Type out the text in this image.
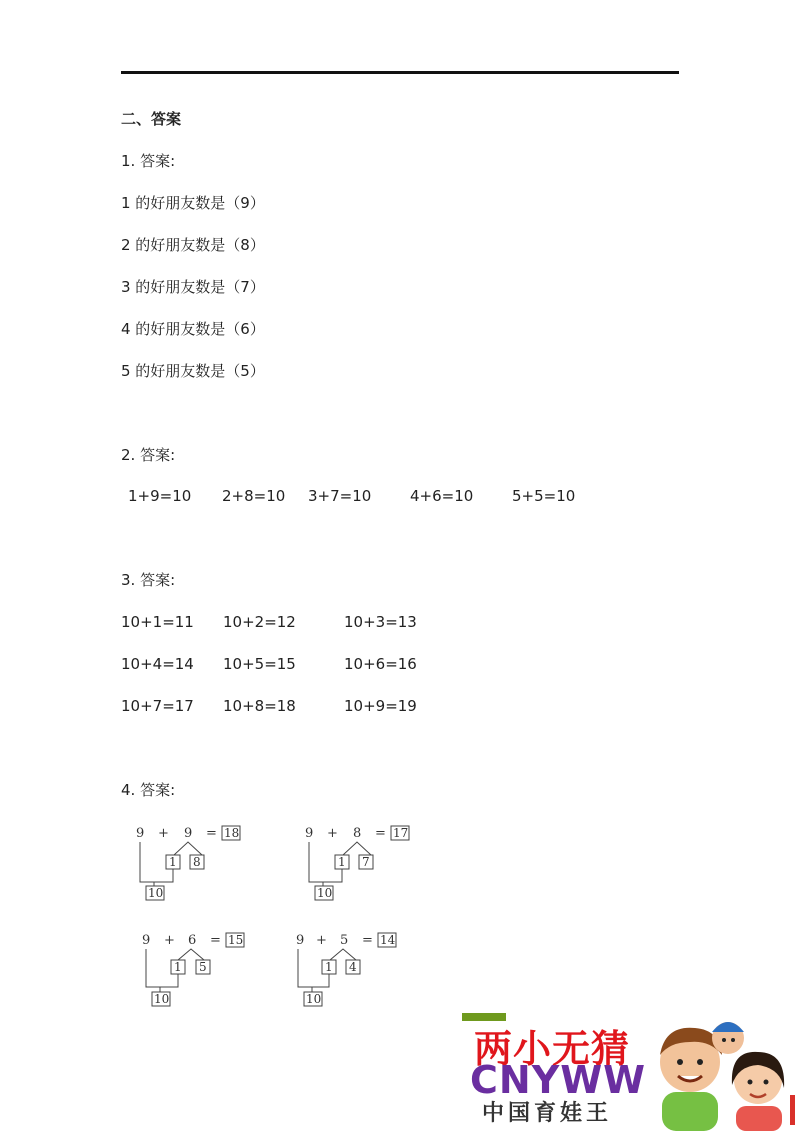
二、答案
1. 答案:
1 的好朋友数是（9）
2 的好朋友数是（8）
3 的好朋友数是（7）
4 的好朋友数是（6）
5 的好朋友数是（5）
2. 答案:
1+9=10 2+8=10 3+7=10	4+6=10	5+5=10
3. 答案:
10+1=11 10+2=12	10+3=13
10+4=14 10+5=15	10+6=16
10+7=17 10+8=18	10+9=19
4. 答案:
9 + 9 = 18
1 8
10
9 + 8 = 17
1 7
10
9 + 6 = 15
1 5
10
9 + 5 = 14
1 4
10
两小无猜
CNYWW
中国育娃王
